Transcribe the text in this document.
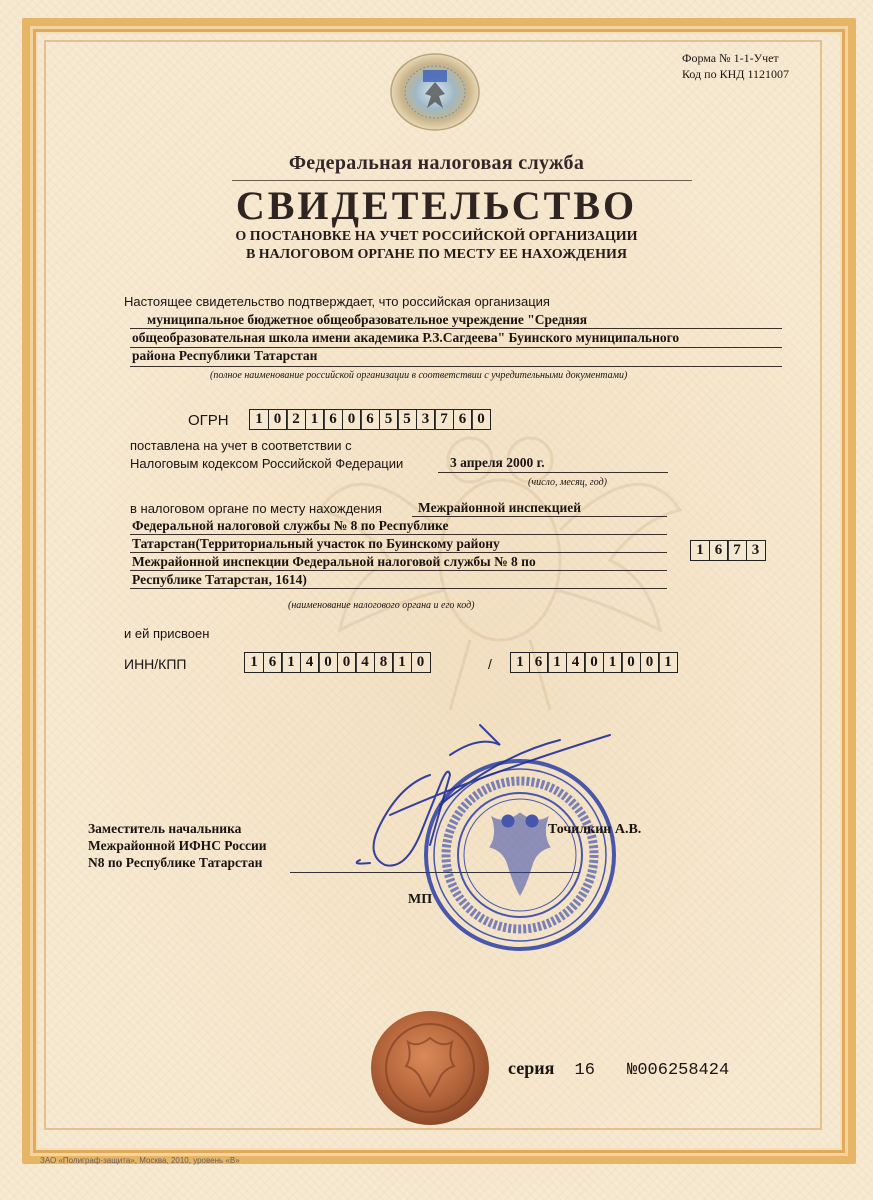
Форма № 1-1-Учет
Код по КНД 1121007
Федеральная налоговая служба
СВИДЕТЕЛЬСТВО
О ПОСТАНОВКЕ НА УЧЕТ РОССИЙСКОЙ ОРГАНИЗАЦИИ
В НАЛОГОВОМ ОРГАНЕ ПО МЕСТУ ЕЕ НАХОЖДЕНИЯ
Настоящее свидетельство подтверждает, что российская организация
муниципальное бюджетное общеобразовательное учреждение "Средняя
общеобразовательная школа имени академика Р.З.Сагдеева" Буинского муниципального
района Республики Татарстан
(полное наименование российской организации в соответствии с учредительными документами)
ОГРН	1 0 2 1 6 0 6 5 5 3 7 6 0
поставлена на учет в соответствии с
Налоговым кодексом Российской Федерации	3 апреля 2000 г.
(число, месяц, год)
в налоговом органе по месту нахождения	Межрайонной инспекцией
Федеральной налоговой службы № 8 по Республике
Татарстан(Территориальный участок по Буинскому району
Межрайонной инспекции Федеральной налоговой службы № 8 по
Республике Татарстан, 1614)
1 6 7 3
(наименование налогового органа и его код)
и ей присвоен
ИНН/КПП	1 6 1 4 0 0 4 8 1 0	/	1 6 1 4 0 1 0 0 1
Заместитель начальника
Межрайонной ИФНС России
N8 по Республике Татарстан
Точилкин А.В.
МП
серия 16 №006258424
ЗАО «Полиграф-защита», Москва, 2010, уровень «В»
